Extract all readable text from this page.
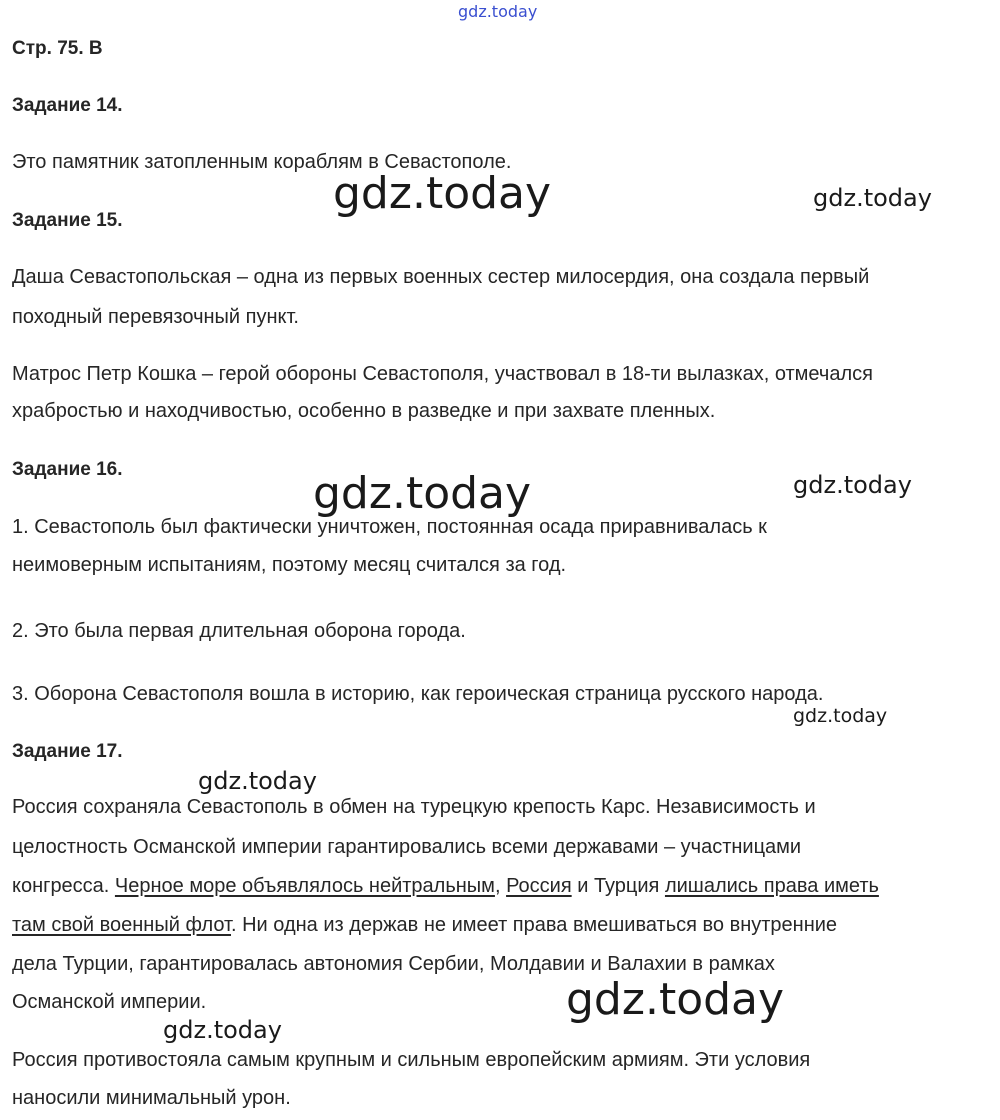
gdz.today

Стр. 75. В

Задание 14.

Это памятник затопленным кораблям в Севастополе.

Задание 15.

Даша Севастопольская – одна из первых военных сестер милосердия, она создала первый

походный перевязочный пункт.

Матрос Петр Кошка – герой обороны Севастополя, участвовал в 18-ти вылазках, отмечался

храбростью и находчивостью, особенно в разведке и при захвате пленных.

Задание 16.

1. Севастополь был фактически уничтожен, постоянная осада приравнивалась к

неимоверным испытаниям, поэтому месяц считался за год.

2. Это была первая длительная оборона города.

3. Оборона Севастополя вошла в историю, как героическая страница русского народа.

Задание 17.

Россия сохраняла Севастополь в обмен на турецкую крепость Карс. Независимость и

целостность Османской империи гарантировались всеми державами – участницами

конгресса. Черное море объявлялось нейтральным, Россия и Турция лишались права иметь

там свой военный флот. Ни одна из держав не имеет права вмешиваться во внутренние

дела Турции, гарантировалась автономия Сербии, Молдавии и Валахии в рамках

Османской империи.

Россия противостояла самым крупным и сильным европейским армиям. Эти условия

наносили минимальный урон.

gdz.today	gdz.today
gdz.today	gdz.today
gdz.today
gdz.today
gdz.today
gdz.today
